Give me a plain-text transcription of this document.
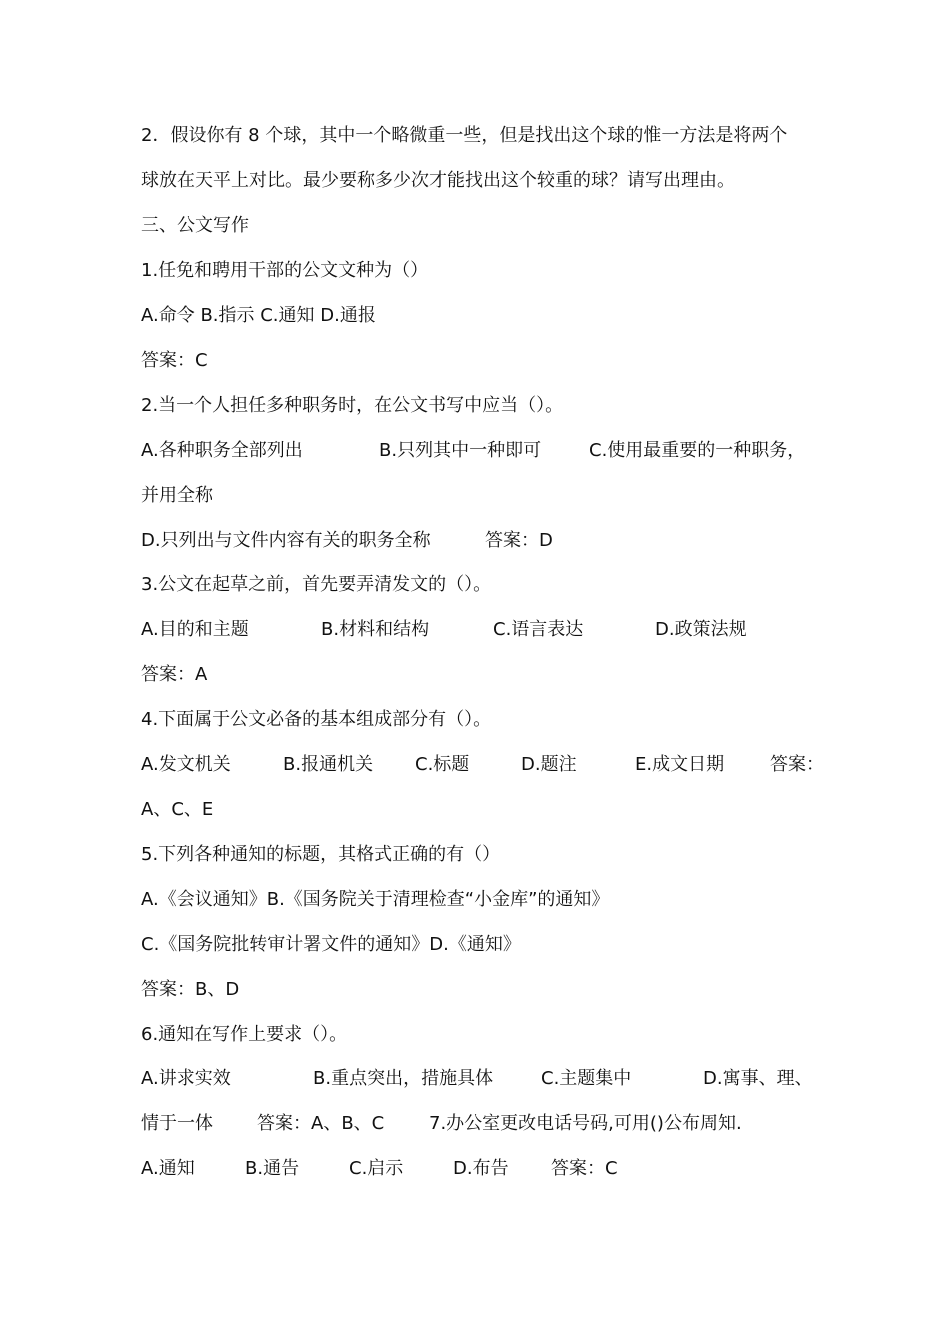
2．假设你有 8 个球，其中一个略微重一些，但是找出这个球的惟一方法是将两个
球放在天平上对比。最少要称多少次才能找出这个较重的球？请写出理由。
三、公文写作
1.任免和聘用干部的公文文种为（）
A.命令 B.指示 C.通知 D.通报
答案：C
2.当一个人担任多种职务时，在公文书写中应当（）。
A.各种职务全部列出	B.只列其中一种即可	C.使用最重要的一种职务，
并用全称
D.只列出与文件内容有关的职务全称	答案：D
3.公文在起草之前，首先要弄清发文的（）。
A.目的和主题	B.材料和结构	C.语言表达	D.政策法规
答案：A
4.下面属于公文必备的基本组成部分有（）。
A.发文机关	B.报通机关 C.标题	D.题注	E.成文日期	答案：
A、C、E
5.下列各种通知的标题，其格式正确的有（）
A.《会议通知》B.《国务院关于清理检查“小金库”的通知》
C.《国务院批转审计署文件的通知》D.《通知》
答案：B、D
6.通知在写作上要求（）。
A.讲求实效	B.重点突出，措施具体	C.主题集中	D.寓事、理、
情于一体 答案：A、B、C 7.办公室更改电话号码,可用()公布周知.
A.通知	B.通告	C.启示	D.布告 答案：C
